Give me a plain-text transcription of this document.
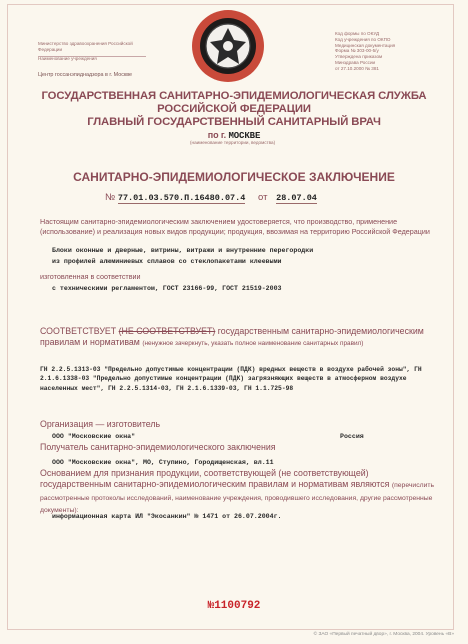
Министерство здравоохранения Российской Федерации
Наименование учреждения
Центр госсанэпиднадзора в г. Москве
Код формы по ОКУД
Код учреждения по ОКПО
Медицинская документация
Форма № 303-00-5/у
Утверждена приказом
Минздрава России
от 27.10.2000 № 381
ГОСУДАРСТВЕННАЯ САНИТАРНО-ЭПИДЕМИОЛОГИЧЕСКАЯ СЛУЖБА
РОССИЙСКОЙ ФЕДЕРАЦИИ
ГЛАВНЫЙ ГОСУДАРСТВЕННЫЙ САНИТАРНЫЙ ВРАЧ
по г. МОСКВЕ
(наименование территории, ведомства)
САНИТАРНО-ЭПИДЕМИОЛОГИЧЕСКОЕ ЗАКЛЮЧЕНИЕ
№ 77.01.03.570.П.16480.07.4 от 28.07.04
Настоящим санитарно-эпидемиологическим заключением удостоверяется, что производство, применение (использование) и реализация новых видов продукции; продукция, ввозимая на территорию Российской Федерации
Блоки оконные и дверные, витрины, витражи и внутренние перегородки
из профилей алюминиевых сплавов со стеклопакетами клеевыми
изготовленная в соответствии
с техническими регламентом, ГОСТ 23166-99, ГОСТ 21519-2003
СООТВЕТСТВУЕТ (НЕ СООТВЕТСТВУЕТ) государственным санитарно-эпидемиологическим правилам и нормативам (ненужное зачеркнуть, указать полное наименование санитарных правил)
ГН 2.2.5.1313-03 "Предельно допустимые концентрации (ПДК) вредных веществ в воздухе рабочей зоны", ГН 2.1.6.1338-03 "Предельно допустимые концентрации (ПДК) загрязняющих веществ в атмосферном воздухе населенных мест", ГН 2.2.5.1314-03, ГН 2.1.6.1339-03, ГН 1.1.725-98
Организация — изготовитель
ООО "Московские окна"	Россия
Получатель санитарно-эпидемиологического заключения
ООО "Московские окна", МО, Ступино, Городищенская, вл.11
Основанием для признания продукции, соответствующей (не соответствующей) государственным санитарно-эпидемиологическим правилам и нормативам являются (перечислить рассмотренные протоколы исследований, наименование учреждения, проводившего исследования, другие рассмотренные документы):
информационная карта ИЛ "Экосанкин" № 1471 от 26.07.2004г.
№1100792
© ЗАО «Первый печатный двор», г. Москва, 2004. Уровень «В»
